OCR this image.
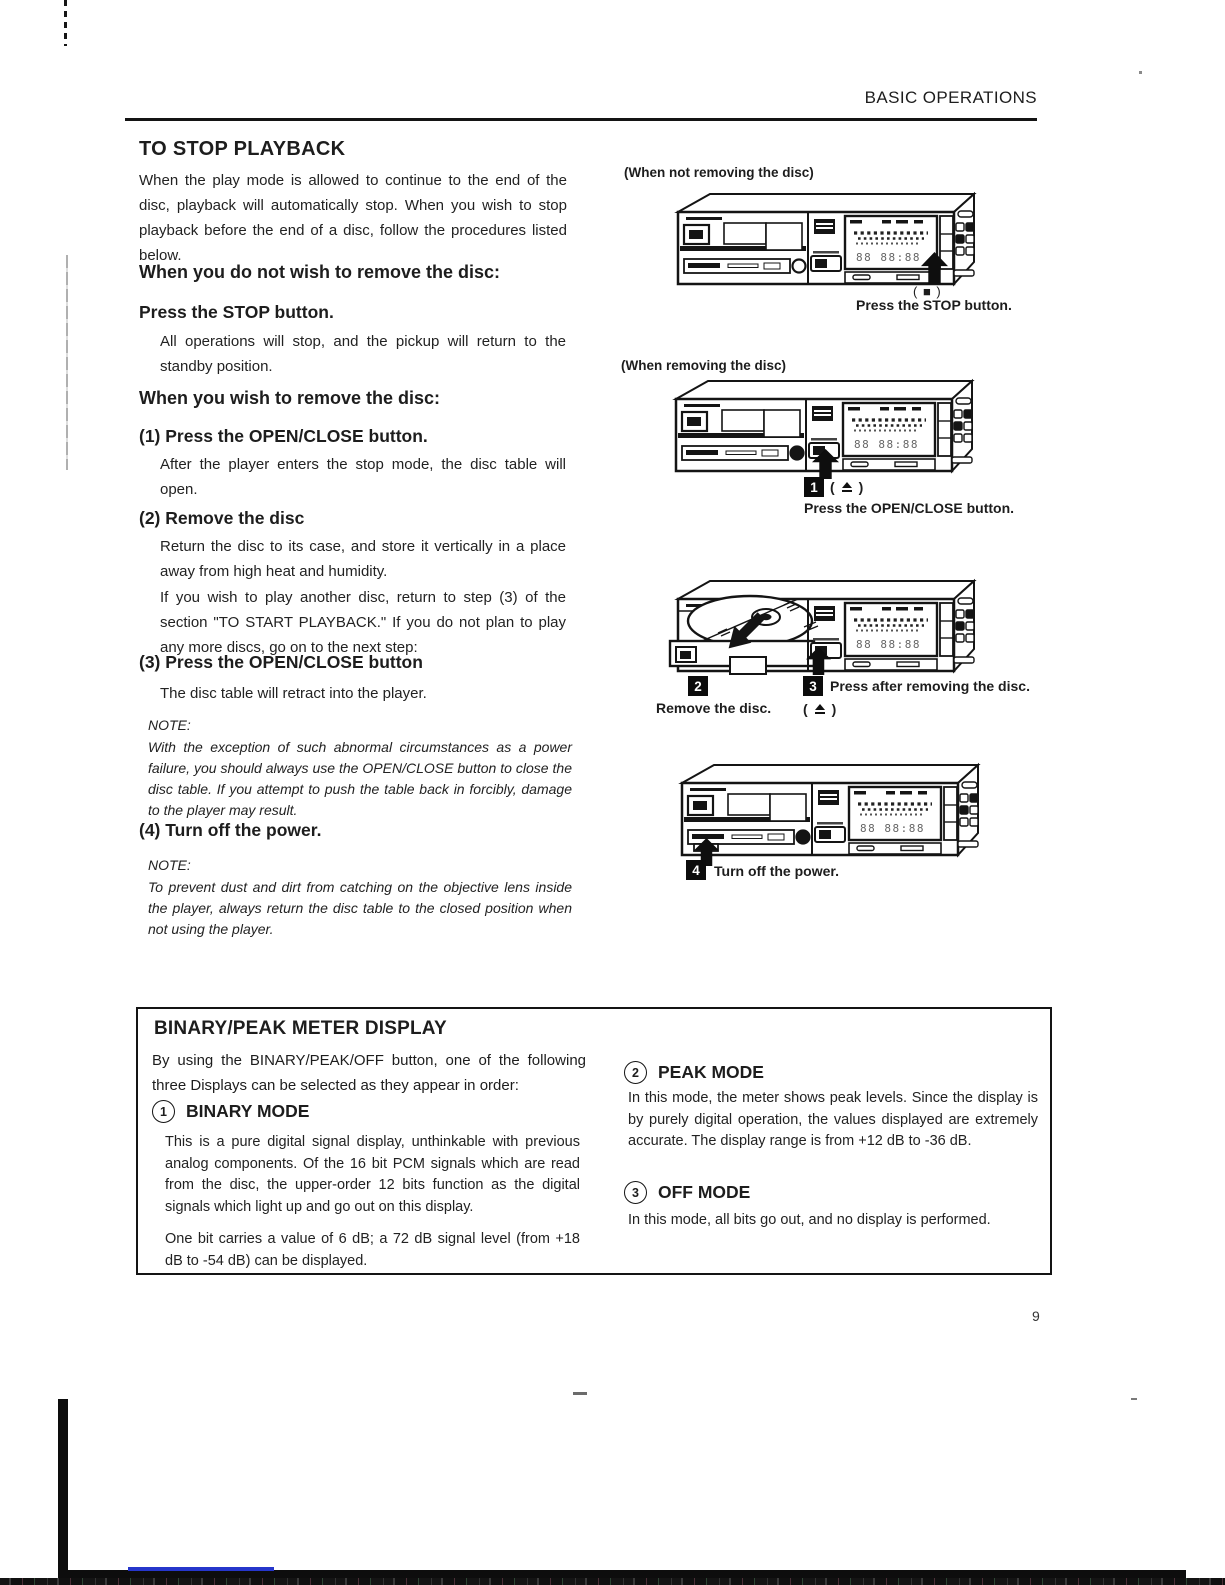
BASIC OPERATIONS
TO STOP PLAYBACK
When the play mode is allowed to continue to the end of the disc, playback will automatically stop. When you wish to stop playback before the end of a disc, follow the procedures listed below.
When you do not wish to remove the disc:
Press the STOP button.
All operations will stop, and the pickup will return to the standby position.
When you wish to remove the disc:
(1) Press the OPEN/CLOSE button.
After the player enters the stop mode, the disc table will open.
(2) Remove the disc
Return the disc to its case, and store it vertically in a place away from high heat and humidity.
If you wish to play another disc, return to step (3) of the section "TO START PLAYBACK." If you do not plan to play any more discs, go on to the next step:
(3) Press the OPEN/CLOSE button
The disc table will retract into the player.
NOTE:
With the exception of such abnormal circumstances as a power failure, you should always use the OPEN/CLOSE button to close the disc table. If you attempt to push the table back in forcibly, damage to the player may result.
(4) Turn off the power.
NOTE:
To prevent dust and dirt from catching on the objective lens inside the player, always return the disc table to the closed position when not using the player.
(When not removing the disc)
88 88:88
( ■ )
Press the STOP button.
(When removing the disc)
88 88:88
1 ( )
Press the OPEN/CLOSE button.
88 88:88
2
Remove the disc.
3 Press after removing the disc.
( )
88 88:88
4	Turn off the power.
BINARY/PEAK METER DISPLAY
By using the BINARY/PEAK/OFF button, one of the following three Displays can be selected as they appear in order:
1	BINARY MODE
This is a pure digital signal display, unthinkable with previous analog components. Of the 16 bit PCM signals which are read from the disc, the upper-order 12 bits function as the digital signals which light up and go out on this display.
One bit carries a value of 6 dB; a 72 dB signal level (from +18 dB to -54 dB) can be displayed.
2	PEAK MODE
In this mode, the meter shows peak levels. Since the display is by purely digital operation, the values displayed are extremely accurate. The display range is from +12 dB to -36 dB.
3	OFF MODE
In this mode, all bits go out, and no display is performed.
9
